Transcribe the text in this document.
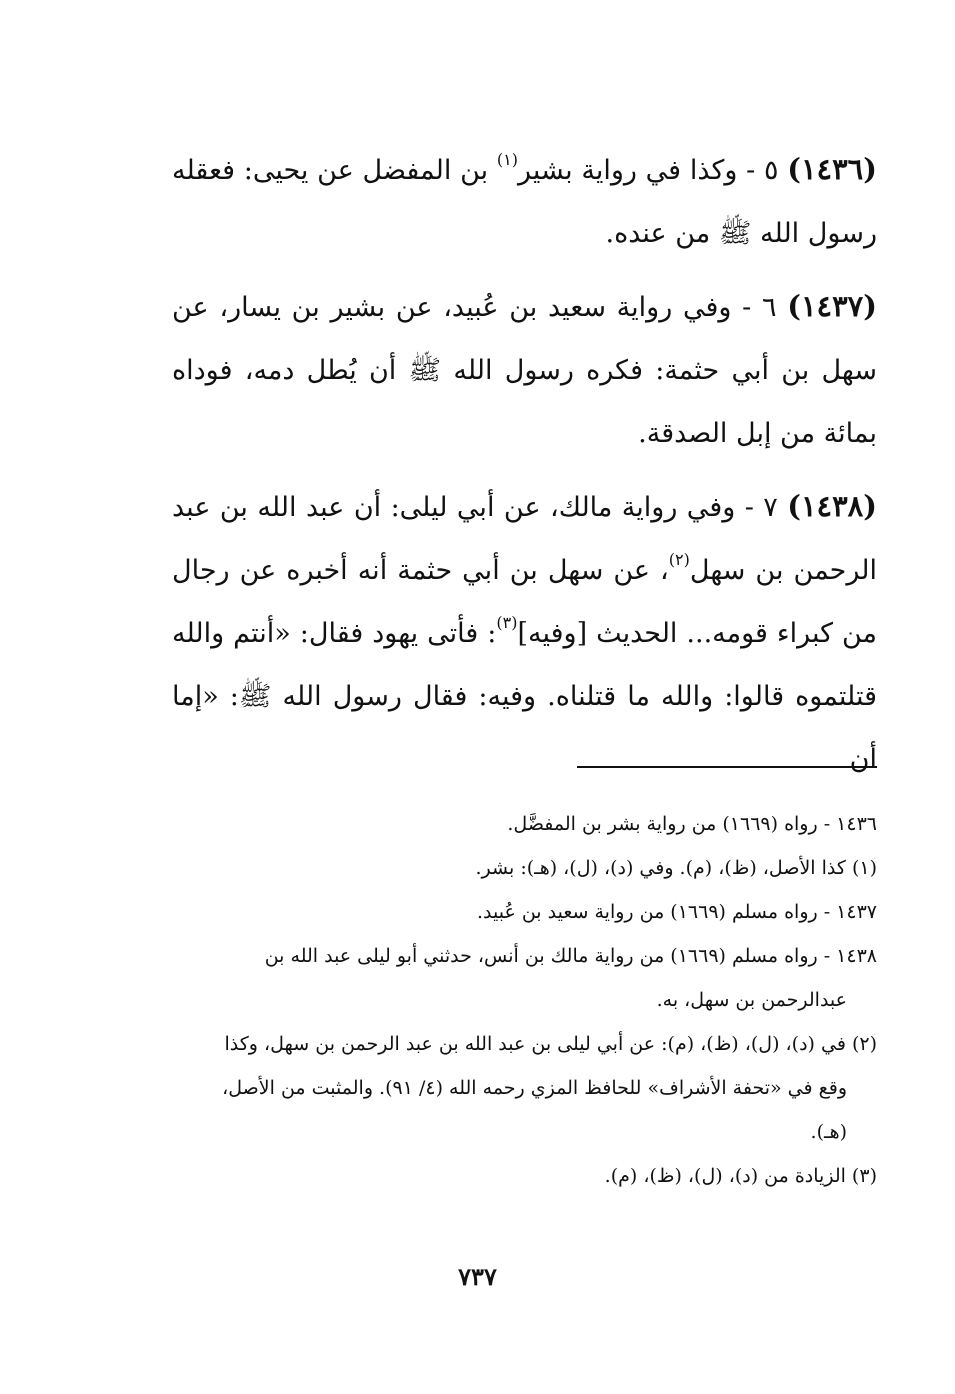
(١٤٣٦) ٥ - وكذا في رواية بشير$^{(١)}$ بن المفضل عن يحيى: فعقله رسول الله ﷺ من عنده.

(١٤٣٧) ٦ - وفي رواية سعيد بن عُبيد، عن بشير بن يسار، عن سهل بن أبي حثمة: فكره رسول الله ﷺ أن يُطل دمه، فوداه بمائة من إبل الصدقة.

(١٤٣٨) ٧ - وفي رواية مالك، عن أبي ليلى: أن عبد الله بن عبد الرحمن بن سهل$^{(٢)}$، عن سهل بن أبي حثمة أنه أخبره عن رجال من كبراء قومه... الحديث [وفيه]$^{(٣)}$: فأتى يهود فقال: «أنتم والله قتلتموه قالوا: والله ما قتلناه. وفيه: فقال رسول الله ﷺ: «إما أن

١٤٣٦ - رواه (١٦٦٩) من رواية بشر بن المفضَّل.

(١) كذا الأصل، (ظ)، (م). وفي (د)، (ل)، (هـ): بشر.

١٤٣٧ - رواه مسلم (١٦٦٩) من رواية سعيد بن عُبيد.

١٤٣٨ - رواه مسلم (١٦٦٩) من رواية مالك بن أنس، حدثني أبو ليلى عبد الله بن
عبدالرحمن بن سهل، به.

(٢) في (د)، (ل)، (ظ)، (م): عن أبي ليلى بن عبد الله بن عبد الرحمن بن سهل، وكذا
وقع في «تحفة الأشراف» للحافظ المزي رحمه الله (٤/ ٩١). والمثبت من الأصل،
(هـ).

(٣) الزيادة من (د)، (ل)، (ظ)، (م).

٧٣٧
